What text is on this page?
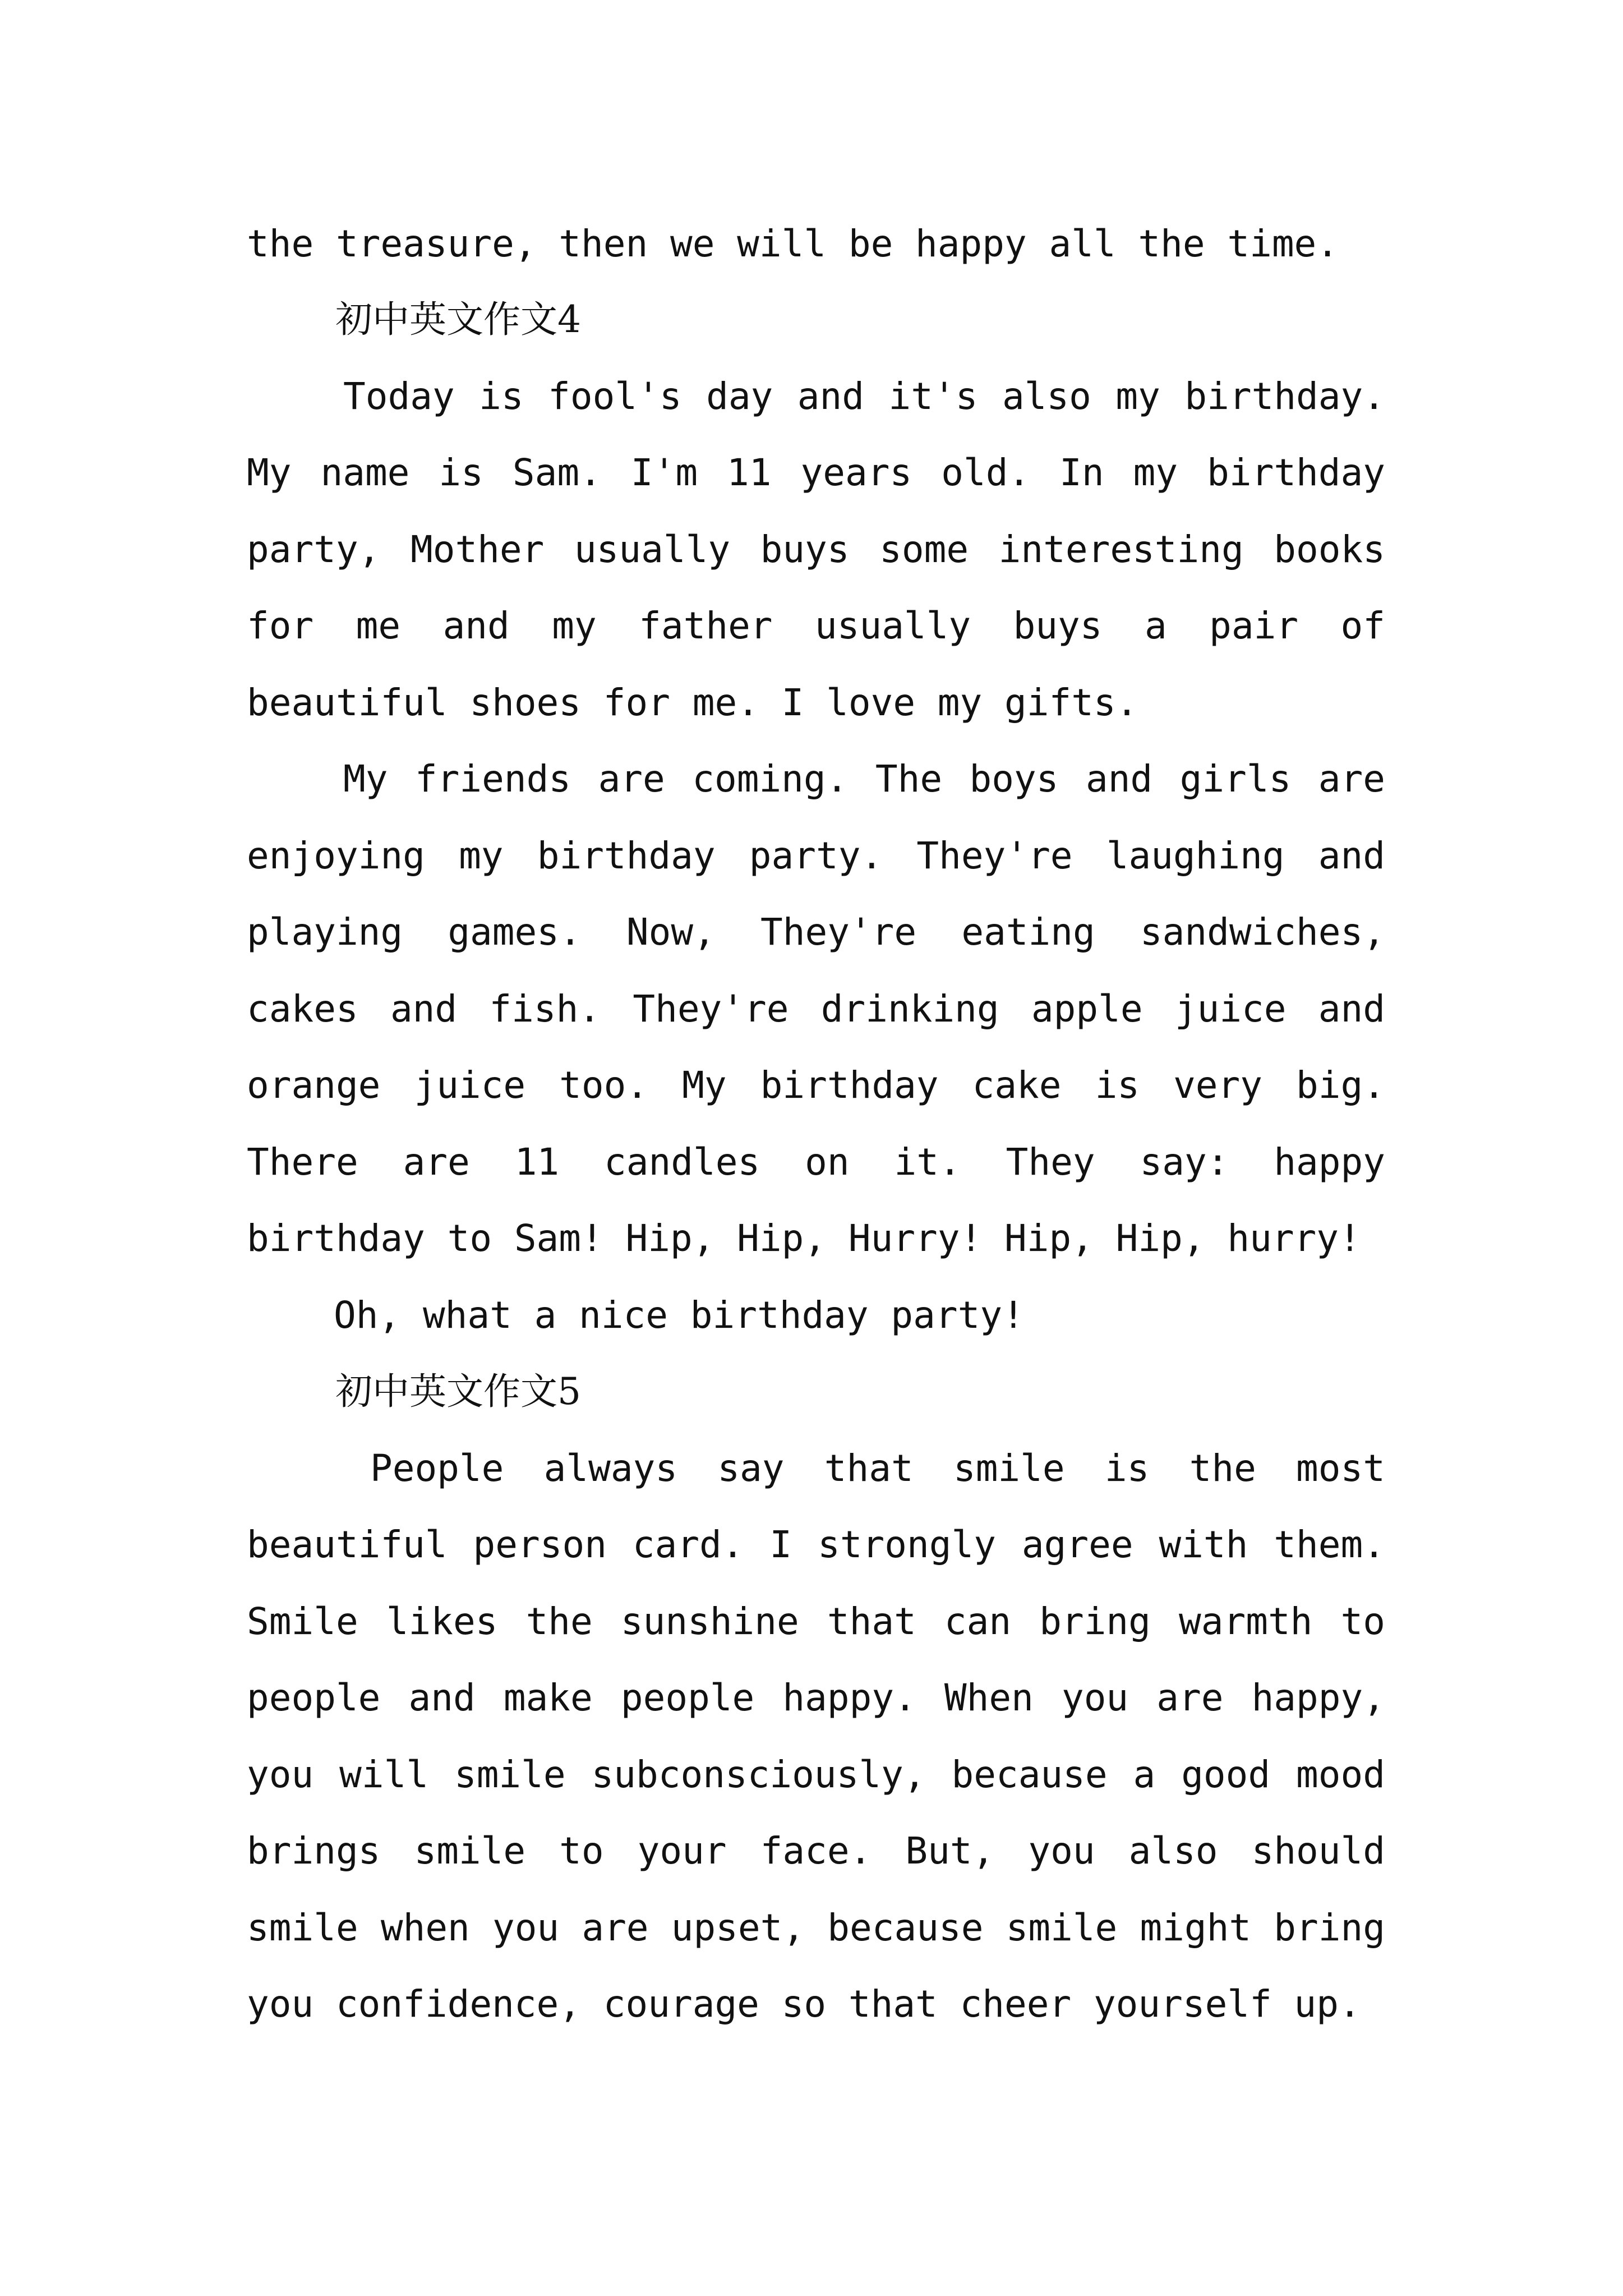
the treasure, then we will be happy all the time.
初中英文作文4
Today is fool's day and it's also my birthday.
My name is Sam. I'm 11 years old. In my birthday
party, Mother usually buys some interesting books
for me and my father usually buys a pair of
beautiful shoes for me. I love my gifts.
My friends are coming. The boys and girls are
enjoying my birthday party. They're laughing and
playing games. Now, They're eating sandwiches,
cakes and fish. They're drinking apple juice and
orange juice too. My birthday cake is very big.
There are 11 candles on it. They say: happy
birthday to Sam! Hip, Hip, Hurry! Hip, Hip, hurry!
Oh, what a nice birthday party!
初中英文作文5
People always say that smile is the most
beautiful person card. I strongly agree with them.
Smile likes the sunshine that can bring warmth to
people and make people happy. When you are happy,
you will smile subconsciously, because a good mood
brings smile to your face. But, you also should
smile when you are upset, because smile might bring
you confidence, courage so that cheer yourself up.
